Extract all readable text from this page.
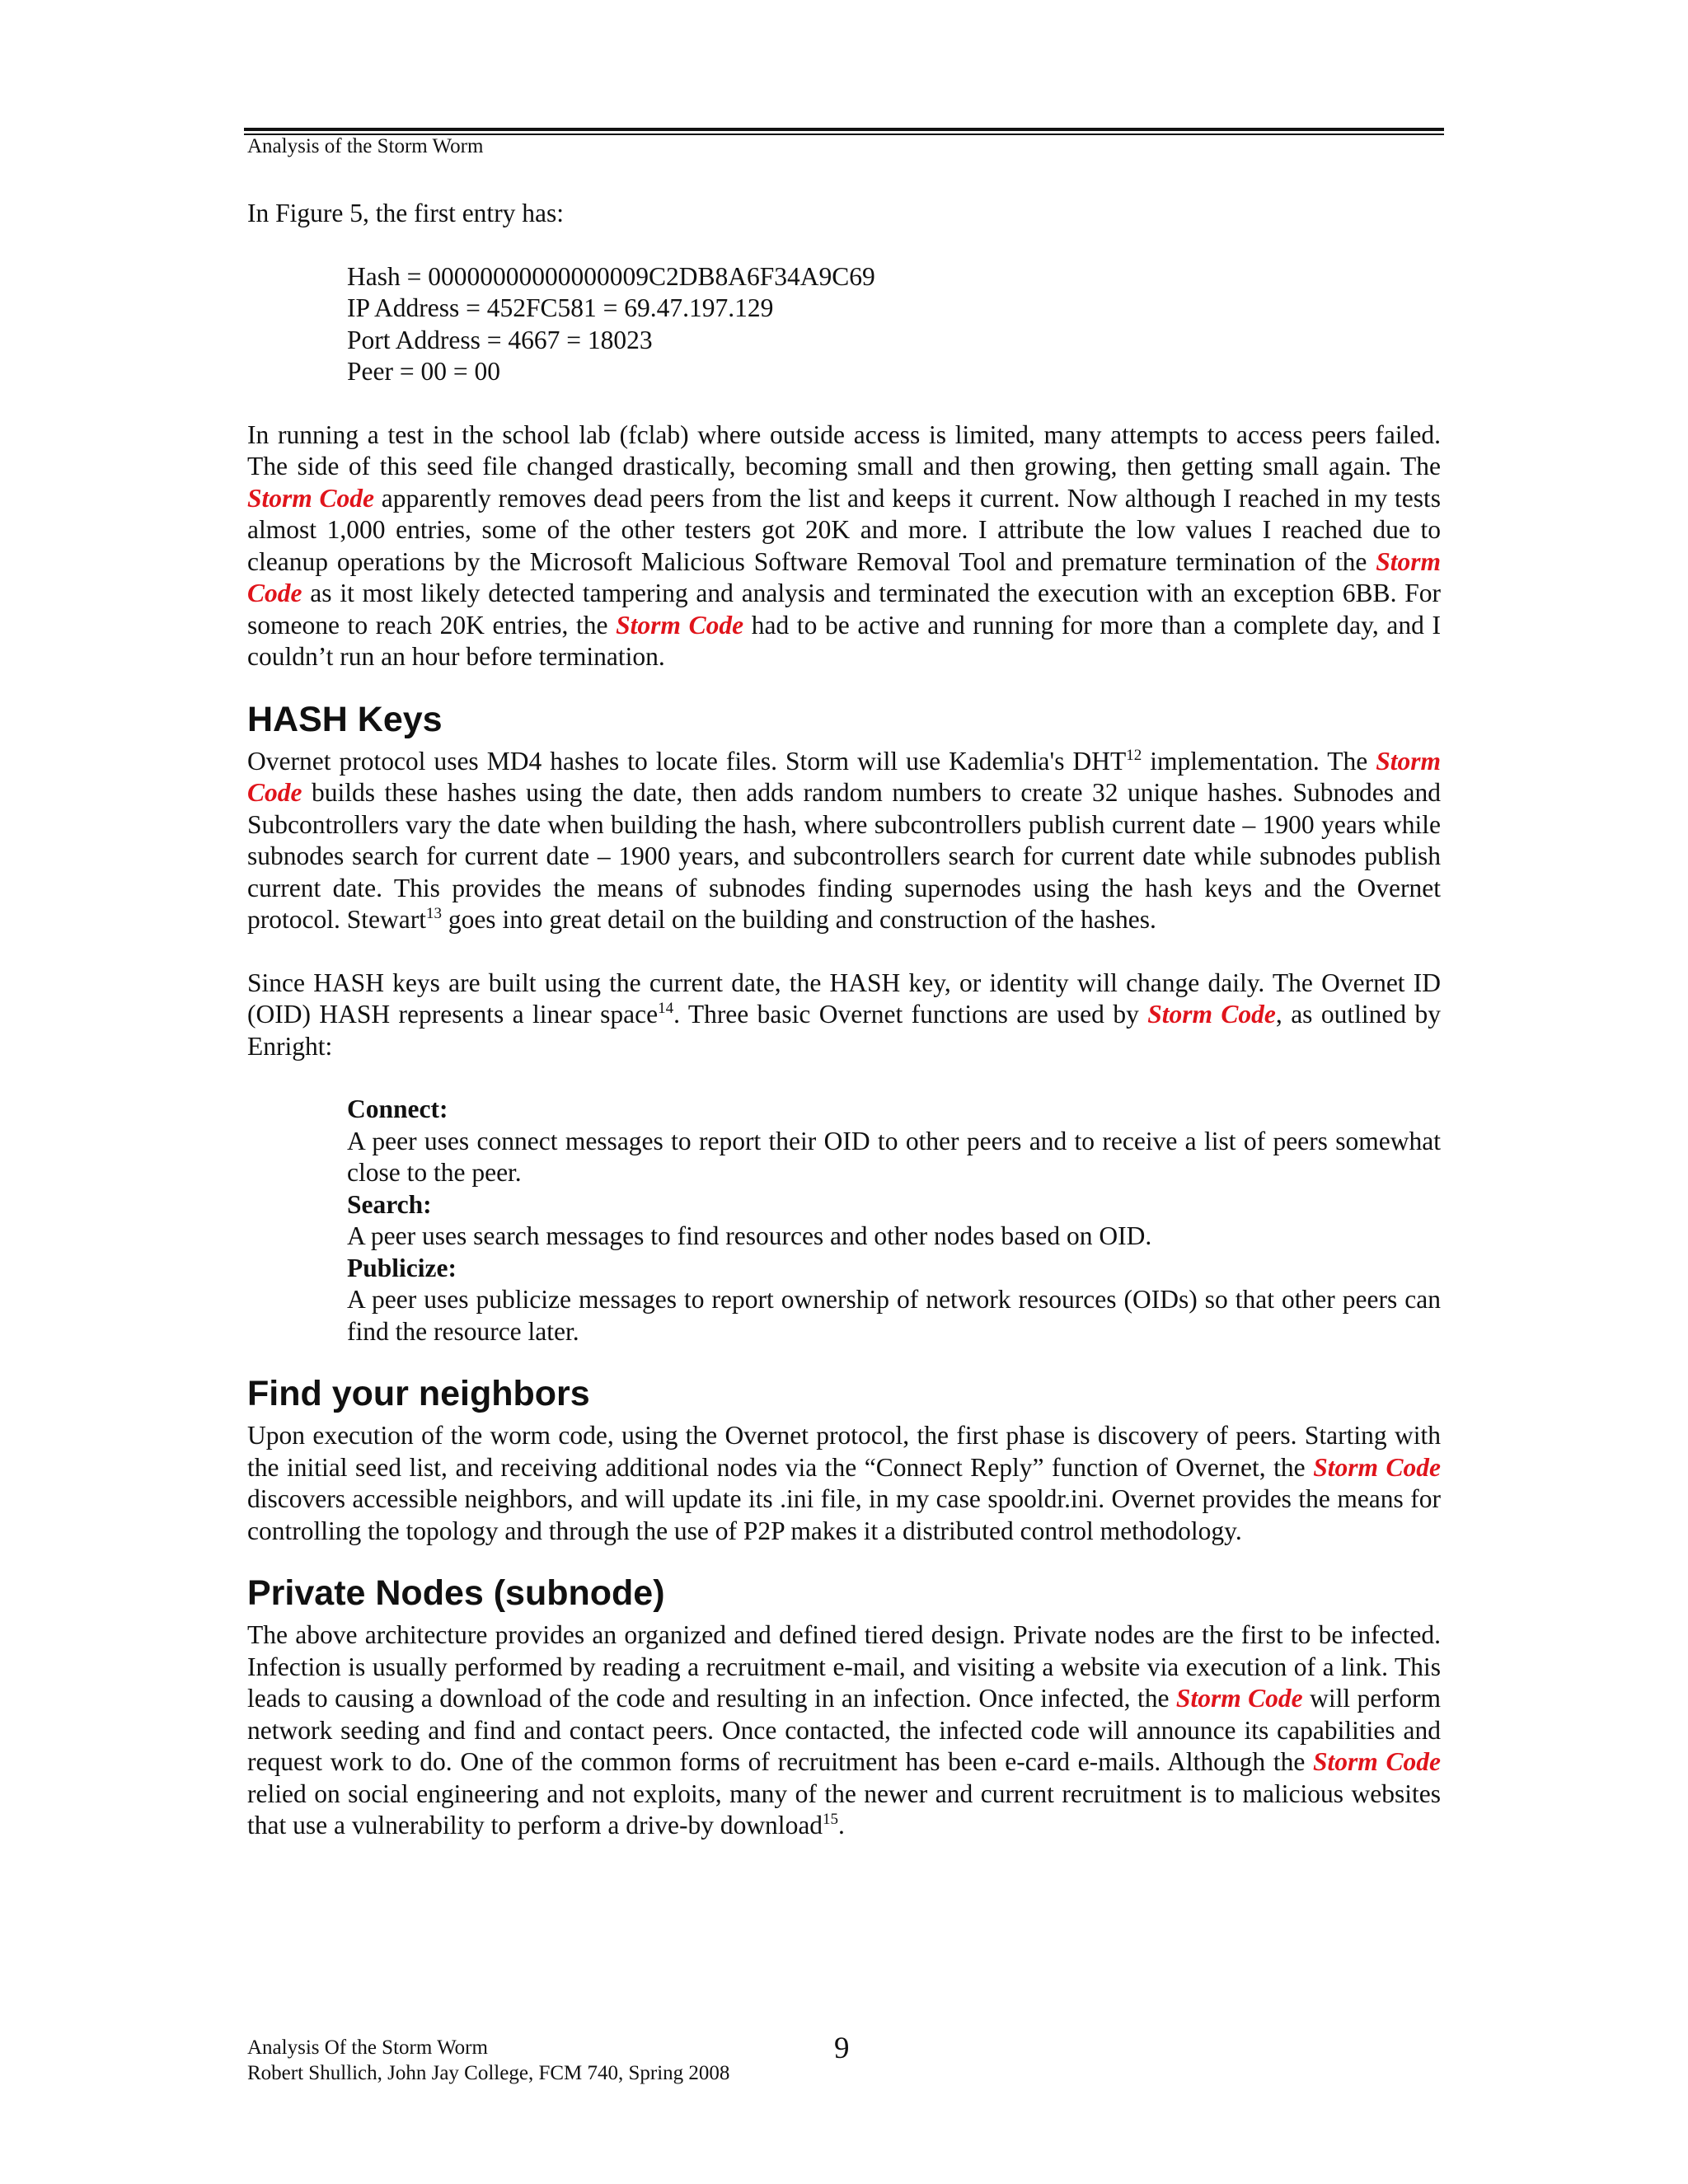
Analysis of the Storm Worm

In Figure 5, the first entry has:

Hash = 00000000000000009C2DB8A6F34A9C69
IP Address = 452FC581 = 69.47.197.129
Port Address = 4667 = 18023
Peer = 00 = 00

In running a test in the school lab (fclab) where outside access is limited, many attempts to access peers failed. The side of this seed file changed drastically, becoming small and then growing, then getting small again. The Storm Code apparently removes dead peers from the list and keeps it current. Now although I reached in my tests almost 1,000 entries, some of the other testers got 20K and more. I attribute the low values I reached due to cleanup operations by the Microsoft Malicious Software Removal Tool and premature termination of the Storm Code as it most likely detected tampering and analysis and terminated the execution with an exception 6BB. For someone to reach 20K entries, the Storm Code had to be active and running for more than a complete day, and I couldn’t run an hour before termination.

HASH Keys

Overnet protocol uses MD4 hashes to locate files. Storm will use Kademlia's DHT$^{12}$ implementation. The Storm Code builds these hashes using the date, then adds random numbers to create 32 unique hashes. Subnodes and Subcontrollers vary the date when building the hash, where subcontrollers publish current date – 1900 years while subnodes search for current date – 1900 years, and subcontrollers search for current date while subnodes publish current date. This provides the means of subnodes finding supernodes using the hash keys and the Overnet protocol. Stewart$^{13}$ goes into great detail on the building and construction of the hashes.

Since HASH keys are built using the current date, the HASH key, or identity will change daily. The Overnet ID (OID) HASH represents a linear space$^{14}$. Three basic Overnet functions are used by Storm Code, as outlined by Enright:

Connect:

A peer uses connect messages to report their OID to other peers and to receive a list of peers somewhat close to the peer.

Search:

A peer uses search messages to find resources and other nodes based on OID.

Publicize:

A peer uses publicize messages to report ownership of network resources (OIDs) so that other peers can find the resource later.

Find your neighbors

Upon execution of the worm code, using the Overnet protocol, the first phase is discovery of peers. Starting with the initial seed list, and receiving additional nodes via the “Connect Reply” function of Overnet, the Storm Code discovers accessible neighbors, and will update its .ini file, in my case spooldr.ini. Overnet provides the means for controlling the topology and through the use of P2P makes it a distributed control methodology.

Private Nodes (subnode)

The above architecture provides an organized and defined tiered design. Private nodes are the first to be infected. Infection is usually performed by reading a recruitment e-mail, and visiting a website via execution of a link. This leads to causing a download of the code and resulting in an infection. Once infected, the Storm Code will perform network seeding and find and contact peers. Once contacted, the infected code will announce its capabilities and request work to do. One of the common forms of recruitment has been e-card e-mails. Although the Storm Code relied on social engineering and not exploits, many of the newer and current recruitment is to malicious websites that use a vulnerability to perform a drive-by download$^{15}$.

Analysis Of the Storm Worm
Robert Shullich, John Jay College, FCM 740, Spring 2008
9
